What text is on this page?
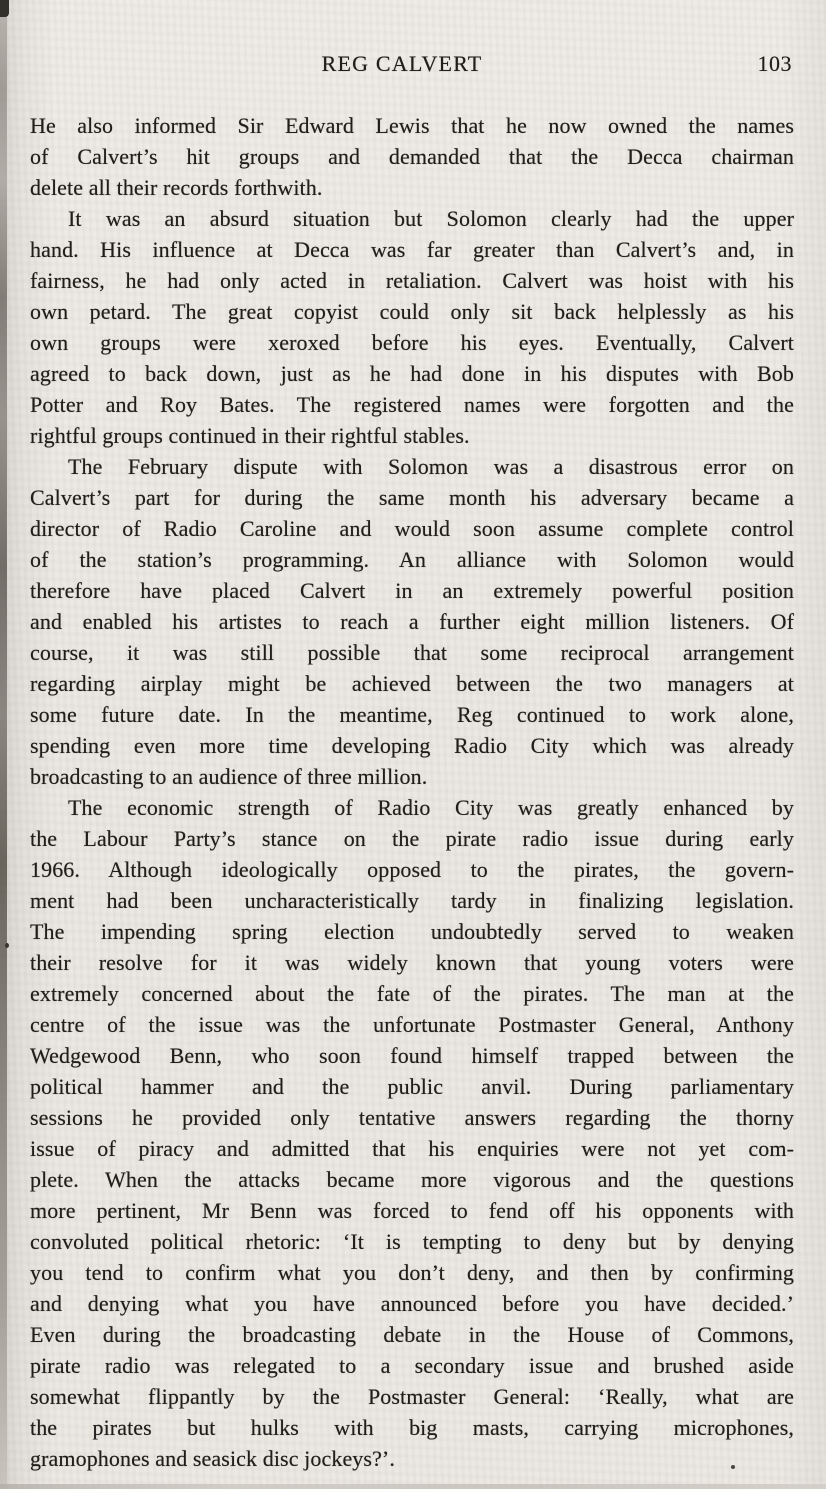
REG CALVERT	103
He also informed Sir Edward Lewis that he now owned the names
of Calvert’s hit groups and demanded that the Decca chairman
delete all their records forthwith.
It was an absurd situation but Solomon clearly had the upper
hand. His influence at Decca was far greater than Calvert’s and, in
fairness, he had only acted in retaliation. Calvert was hoist with his
own petard. The great copyist could only sit back helplessly as his
own groups were xeroxed before his eyes. Eventually, Calvert
agreed to back down, just as he had done in his disputes with Bob
Potter and Roy Bates. The registered names were forgotten and the
rightful groups continued in their rightful stables.
The February dispute with Solomon was a disastrous error on
Calvert’s part for during the same month his adversary became a
director of Radio Caroline and would soon assume complete control
of the station’s programming. An alliance with Solomon would
therefore have placed Calvert in an extremely powerful position
and enabled his artistes to reach a further eight million listeners. Of
course, it was still possible that some reciprocal arrangement
regarding airplay might be achieved between the two managers at
some future date. In the meantime, Reg continued to work alone,
spending even more time developing Radio City which was already
broadcasting to an audience of three million.
The economic strength of Radio City was greatly enhanced by
the Labour Party’s stance on the pirate radio issue during early
1966. Although ideologically opposed to the pirates, the govern-
ment had been uncharacteristically tardy in finalizing legislation.
The impending spring election undoubtedly served to weaken
their resolve for it was widely known that young voters were
extremely concerned about the fate of the pirates. The man at the
centre of the issue was the unfortunate Postmaster General, Anthony
Wedgewood Benn, who soon found himself trapped between the
political hammer and the public anvil. During parliamentary
sessions he provided only tentative answers regarding the thorny
issue of piracy and admitted that his enquiries were not yet com-
plete. When the attacks became more vigorous and the questions
more pertinent, Mr Benn was forced to fend off his opponents with
convoluted political rhetoric: ‘It is tempting to deny but by denying
you tend to confirm what you don’t deny, and then by confirming
and denying what you have announced before you have decided.’
Even during the broadcasting debate in the House of Commons,
pirate radio was relegated to a secondary issue and brushed aside
somewhat flippantly by the Postmaster General: ‘Really, what are
the pirates but hulks with big masts, carrying microphones,
gramophones and seasick disc jockeys?’.
